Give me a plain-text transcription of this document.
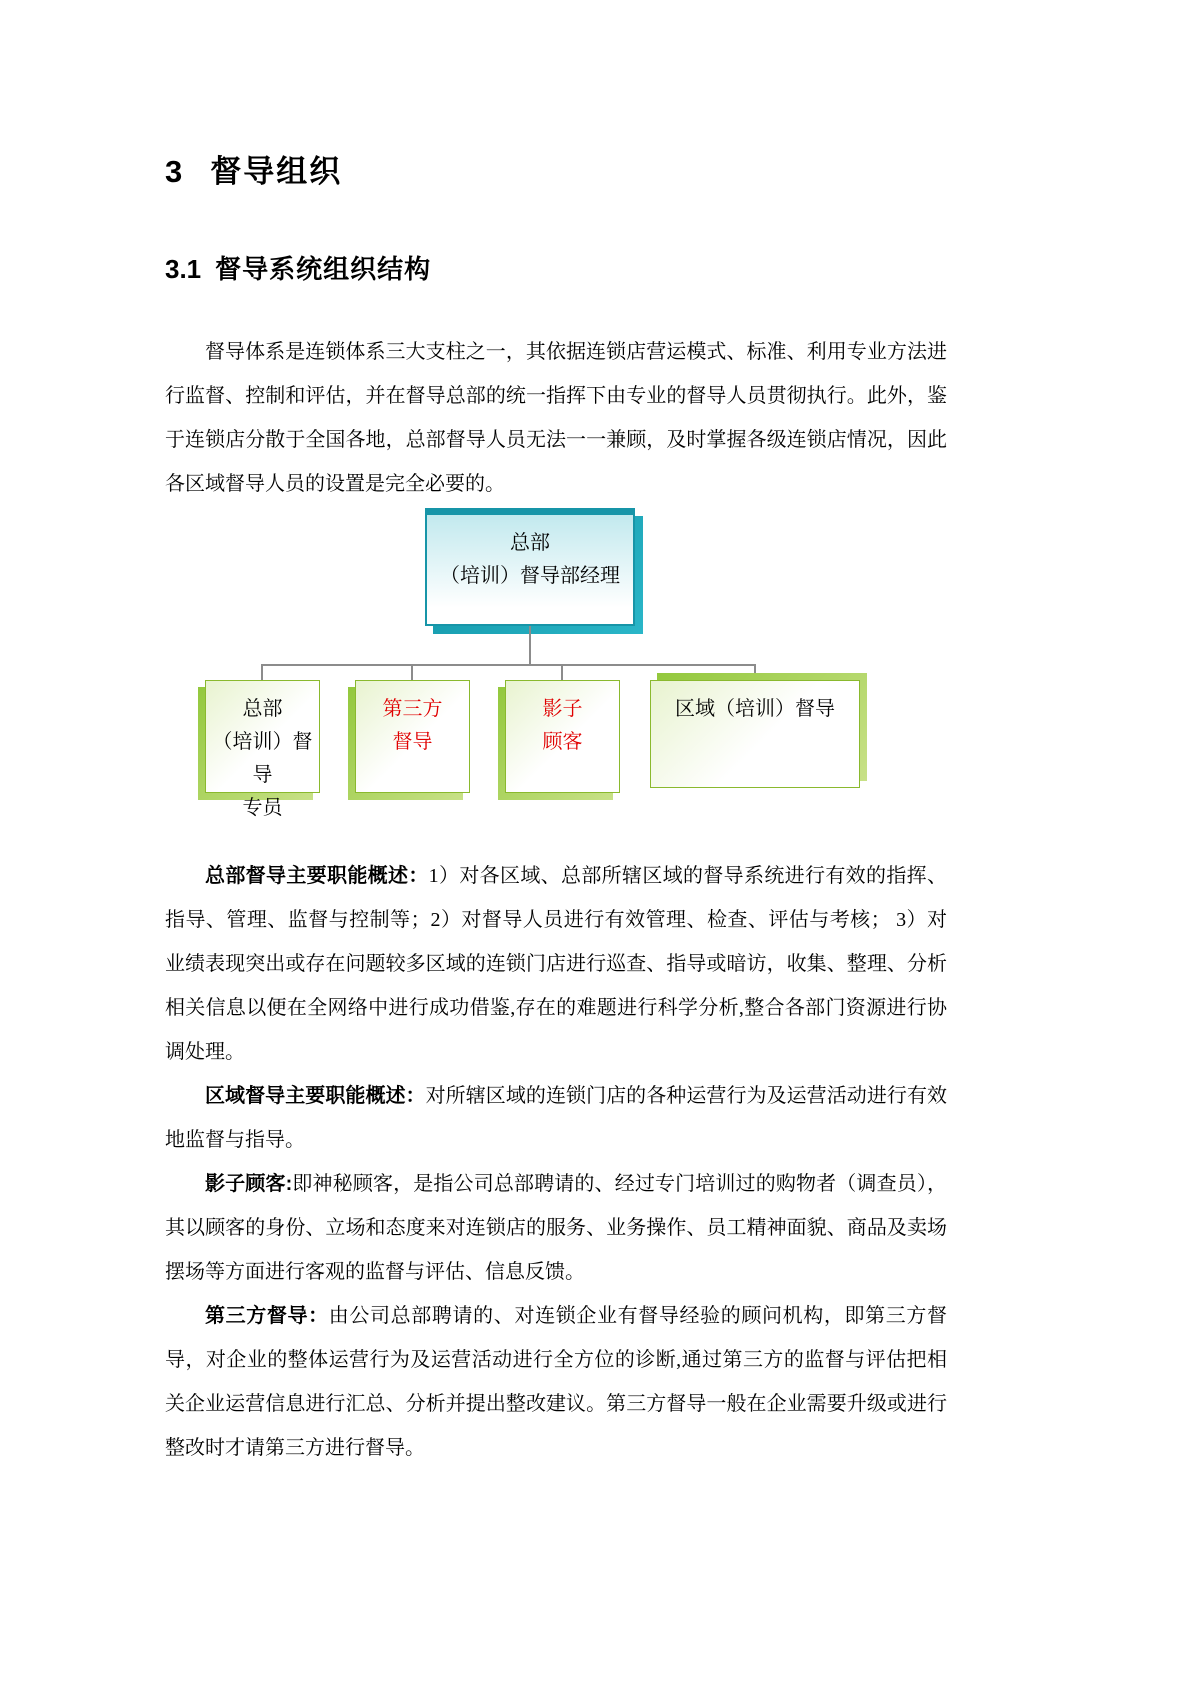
3 督导组织
3.1 督导系统组织结构

督导体系是连锁体系三大支柱之一，其依据连锁店营运模式、标准、利用专业方法进行监督、控制和评估，并在督导总部的统一指挥下由专业的督导人员贯彻执行。此外，鉴于连锁店分散于全国各地，总部督导人员无法一一兼顾，及时掌握各级连锁店情况，因此各区域督导人员的设置是完全必要的。

总部
（培训）督导部经理
总部
（培训）督导
专员
第三方
督导
影子
顾客
区域（培训）督导

总部督导主要职能概述：1）对各区域、总部所辖区域的督导系统进行有效的指挥、指导、管理、监督与控制等；2）对督导人员进行有效管理、检查、评估与考核； 3）对业绩表现突出或存在问题较多区域的连锁门店进行巡查、指导或暗访，收集、整理、分析相关信息以便在全网络中进行成功借鉴,存在的难题进行科学分析,整合各部门资源进行协调处理。

区域督导主要职能概述：对所辖区域的连锁门店的各种运营行为及运营活动进行有效地监督与指导。

影子顾客:即神秘顾客，是指公司总部聘请的、经过专门培训过的购物者（调查员），其以顾客的身份、立场和态度来对连锁店的服务、业务操作、员工精神面貌、商品及卖场摆场等方面进行客观的监督与评估、信息反馈。

第三方督导：由公司总部聘请的、对连锁企业有督导经验的顾问机构，即第三方督导，对企业的整体运营行为及运营活动进行全方位的诊断,通过第三方的监督与评估把相关企业运营信息进行汇总、分析并提出整改建议。第三方督导一般在企业需要升级或进行整改时才请第三方进行督导。
